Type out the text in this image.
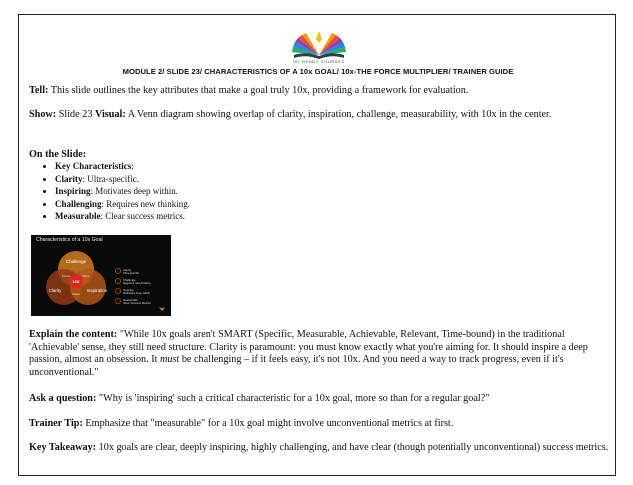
MY READY COURSES
MODULE 2/ SLIDE 23/ CHARACTERISTICS OF A 10x GOAL/ 10x-THE FORCE MULTIPLIER/ TRAINER GUIDE
Tell: This slide outlines the key attributes that make a goal truly 10x, providing a framework for evaluation.
Show: Slide 23 Visual: A Venn diagram showing overlap of clarity, inspiration, challenge, measurability, with 10x in the center.
On the Slide:
• Key Characteristics:
• Clarity: Ultra-specific.
• Inspiring: Motivates deep within.
• Challenging: Requires new thinking.
• Measurable: Clear success metrics.
Characteristics of a 10x Goal
Challenge
Clarity	Inspiration
10X
Focus	Drive
Vision
Clarity
Ultra-specific
Challenge
Requires new thinking
Inspiring
Motivates deep within
Measurable
Clear Success Metrics
Explain the content: "While 10x goals aren't SMART (Specific, Measurable, Achievable, Relevant, Time-bound) in the traditional 'Achievable' sense, they still need structure. Clarity is paramount: you must know exactly what you're aiming for. It should inspire a deep passion, almost an obsession. It must be challenging – if it feels easy, it's not 10x. And you need a way to track progress, even if it's unconventional."
Ask a question: "Why is 'inspiring' such a critical characteristic for a 10x goal, more so than for a regular goal?"
Trainer Tip: Emphasize that "measurable" for a 10x goal might involve unconventional metrics at first.
Key Takeaway: 10x goals are clear, deeply inspiring, highly challenging, and have clear (though potentially unconventional) success metrics.
